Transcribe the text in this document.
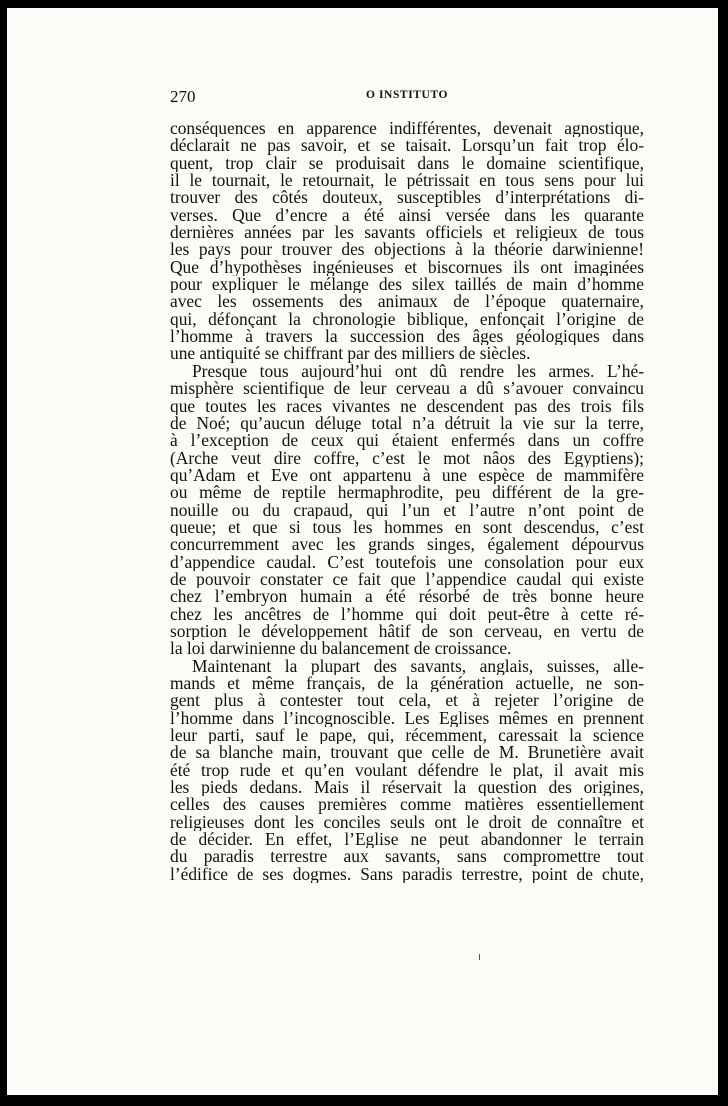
270	O INSTITUTO
conséquences en apparence indifférentes, devenait agnostique,
déclarait ne pas savoir, et se taisait. Lorsqu’un fait trop élo-
quent, trop clair se produisait dans le domaine scientifique,
il le tournait, le retournait, le pétrissait en tous sens pour lui
trouver des côtés douteux, susceptibles d’interprétations di-
verses. Que d’encre a été ainsi versée dans les quarante
dernières années par les savants officiels et religieux de tous
les pays pour trouver des objections à la théorie darwinienne!
Que d’hypothèses ingénieuses et biscornues ils ont imaginées
pour expliquer le mélange des silex taillés de main d’homme
avec les ossements des animaux de l’époque quaternaire,
qui, défonçant la chronologie biblique, enfonçait l’origine de
l’homme à travers la succession des âges géologiques dans
une antiquité se chiffrant par des milliers de siècles.
Presque tous aujourd’hui ont dû rendre les armes. L’hé-
misphère scientifique de leur cerveau a dû s’avouer convaincu
que toutes les races vivantes ne descendent pas des trois fils
de Noé; qu’aucun déluge total n’a détruit la vie sur la terre,
à l’exception de ceux qui étaient enfermés dans un coffre
(Arche veut dire coffre, c’est le mot nâos des Egyptiens);
qu’Adam et Eve ont appartenu à une espèce de mammifère
ou même de reptile hermaphrodite, peu différent de la gre-
nouille ou du crapaud, qui l’un et l’autre n’ont point de
queue; et que si tous les hommes en sont descendus, c’est
concurremment avec les grands singes, également dépourvus
d’appendice caudal. C’est toutefois une consolation pour eux
de pouvoir constater ce fait que l’appendice caudal qui existe
chez l’embryon humain a été résorbé de très bonne heure
chez les ancêtres de l’homme qui doit peut-être à cette ré-
sorption le développement hâtif de son cerveau, en vertu de
la loi darwinienne du balancement de croissance.
Maintenant la plupart des savants, anglais, suisses, alle-
mands et même français, de la génération actuelle, ne son-
gent plus à contester tout cela, et à rejeter l’origine de
l’homme dans l’incognoscible. Les Eglises mêmes en prennent
leur parti, sauf le pape, qui, récemment, caressait la science
de sa blanche main, trouvant que celle de M. Brunetière avait
été trop rude et qu’en voulant défendre le plat, il avait mis
les pieds dedans. Mais il réservait la question des origines,
celles des causes premières comme matières essentiellement
religieuses dont les conciles seuls ont le droit de connaître et
de décider. En effet, l’Eglise ne peut abandonner le terrain
du paradis terrestre aux savants, sans compromettre tout
l’édifice de ses dogmes. Sans paradis terrestre, point de chute,
